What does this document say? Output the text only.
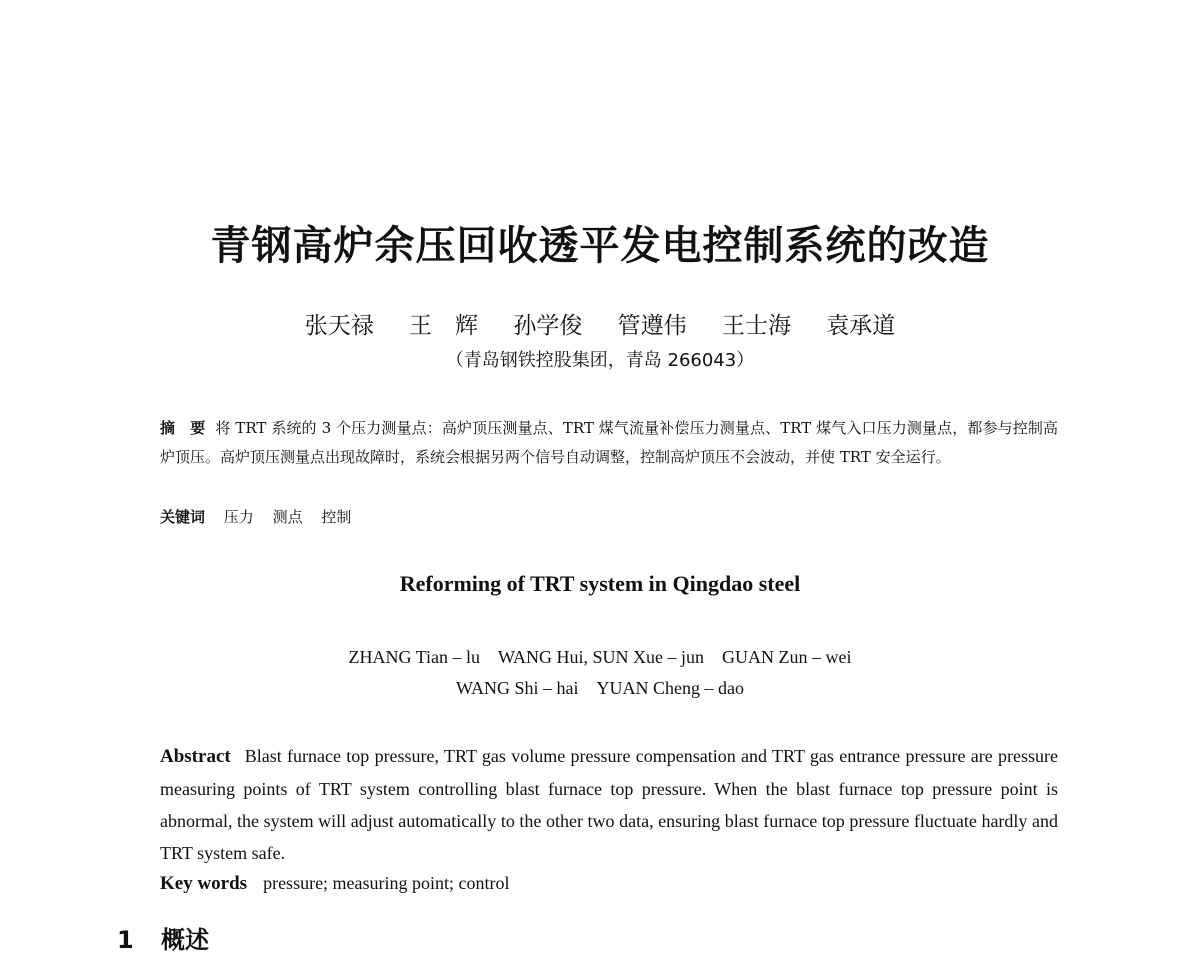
青钢高炉余压回收透平发电控制系统的改造
张天禄 王　辉 孙学俊 管遵伟 王士海 袁承道
（青岛钢铁控股集团，青岛 266043）
摘　要 将 TRT 系统的 3 个压力测量点：高炉顶压测量点、TRT 煤气流量补偿压力测量点、TRT 煤气入口压力测量点，都参与控制高炉顶压。高炉顶压测量点出现故障时，系统会根据另两个信号自动调整，控制高炉顶压不会波动，并使 TRT 安全运行。
关键词 压力 测点 控制
Reforming of TRT system in Qingdao steel
ZHANG Tian – lu　WANG Hui, SUN Xue – jun　GUAN Zun – wei
WANG Shi – hai　YUAN Cheng – dao
Abstract Blast furnace top pressure, TRT gas volume pressure compensation and TRT gas entrance pressure are pressure measuring points of TRT system controlling blast furnace top pressure. When the blast furnace top pressure point is abnormal, the system will adjust automatically to the other two data, ensuring blast furnace top pressure fluctuate hardly and TRT system safe.
Key words pressure; measuring point; control
1 概述
